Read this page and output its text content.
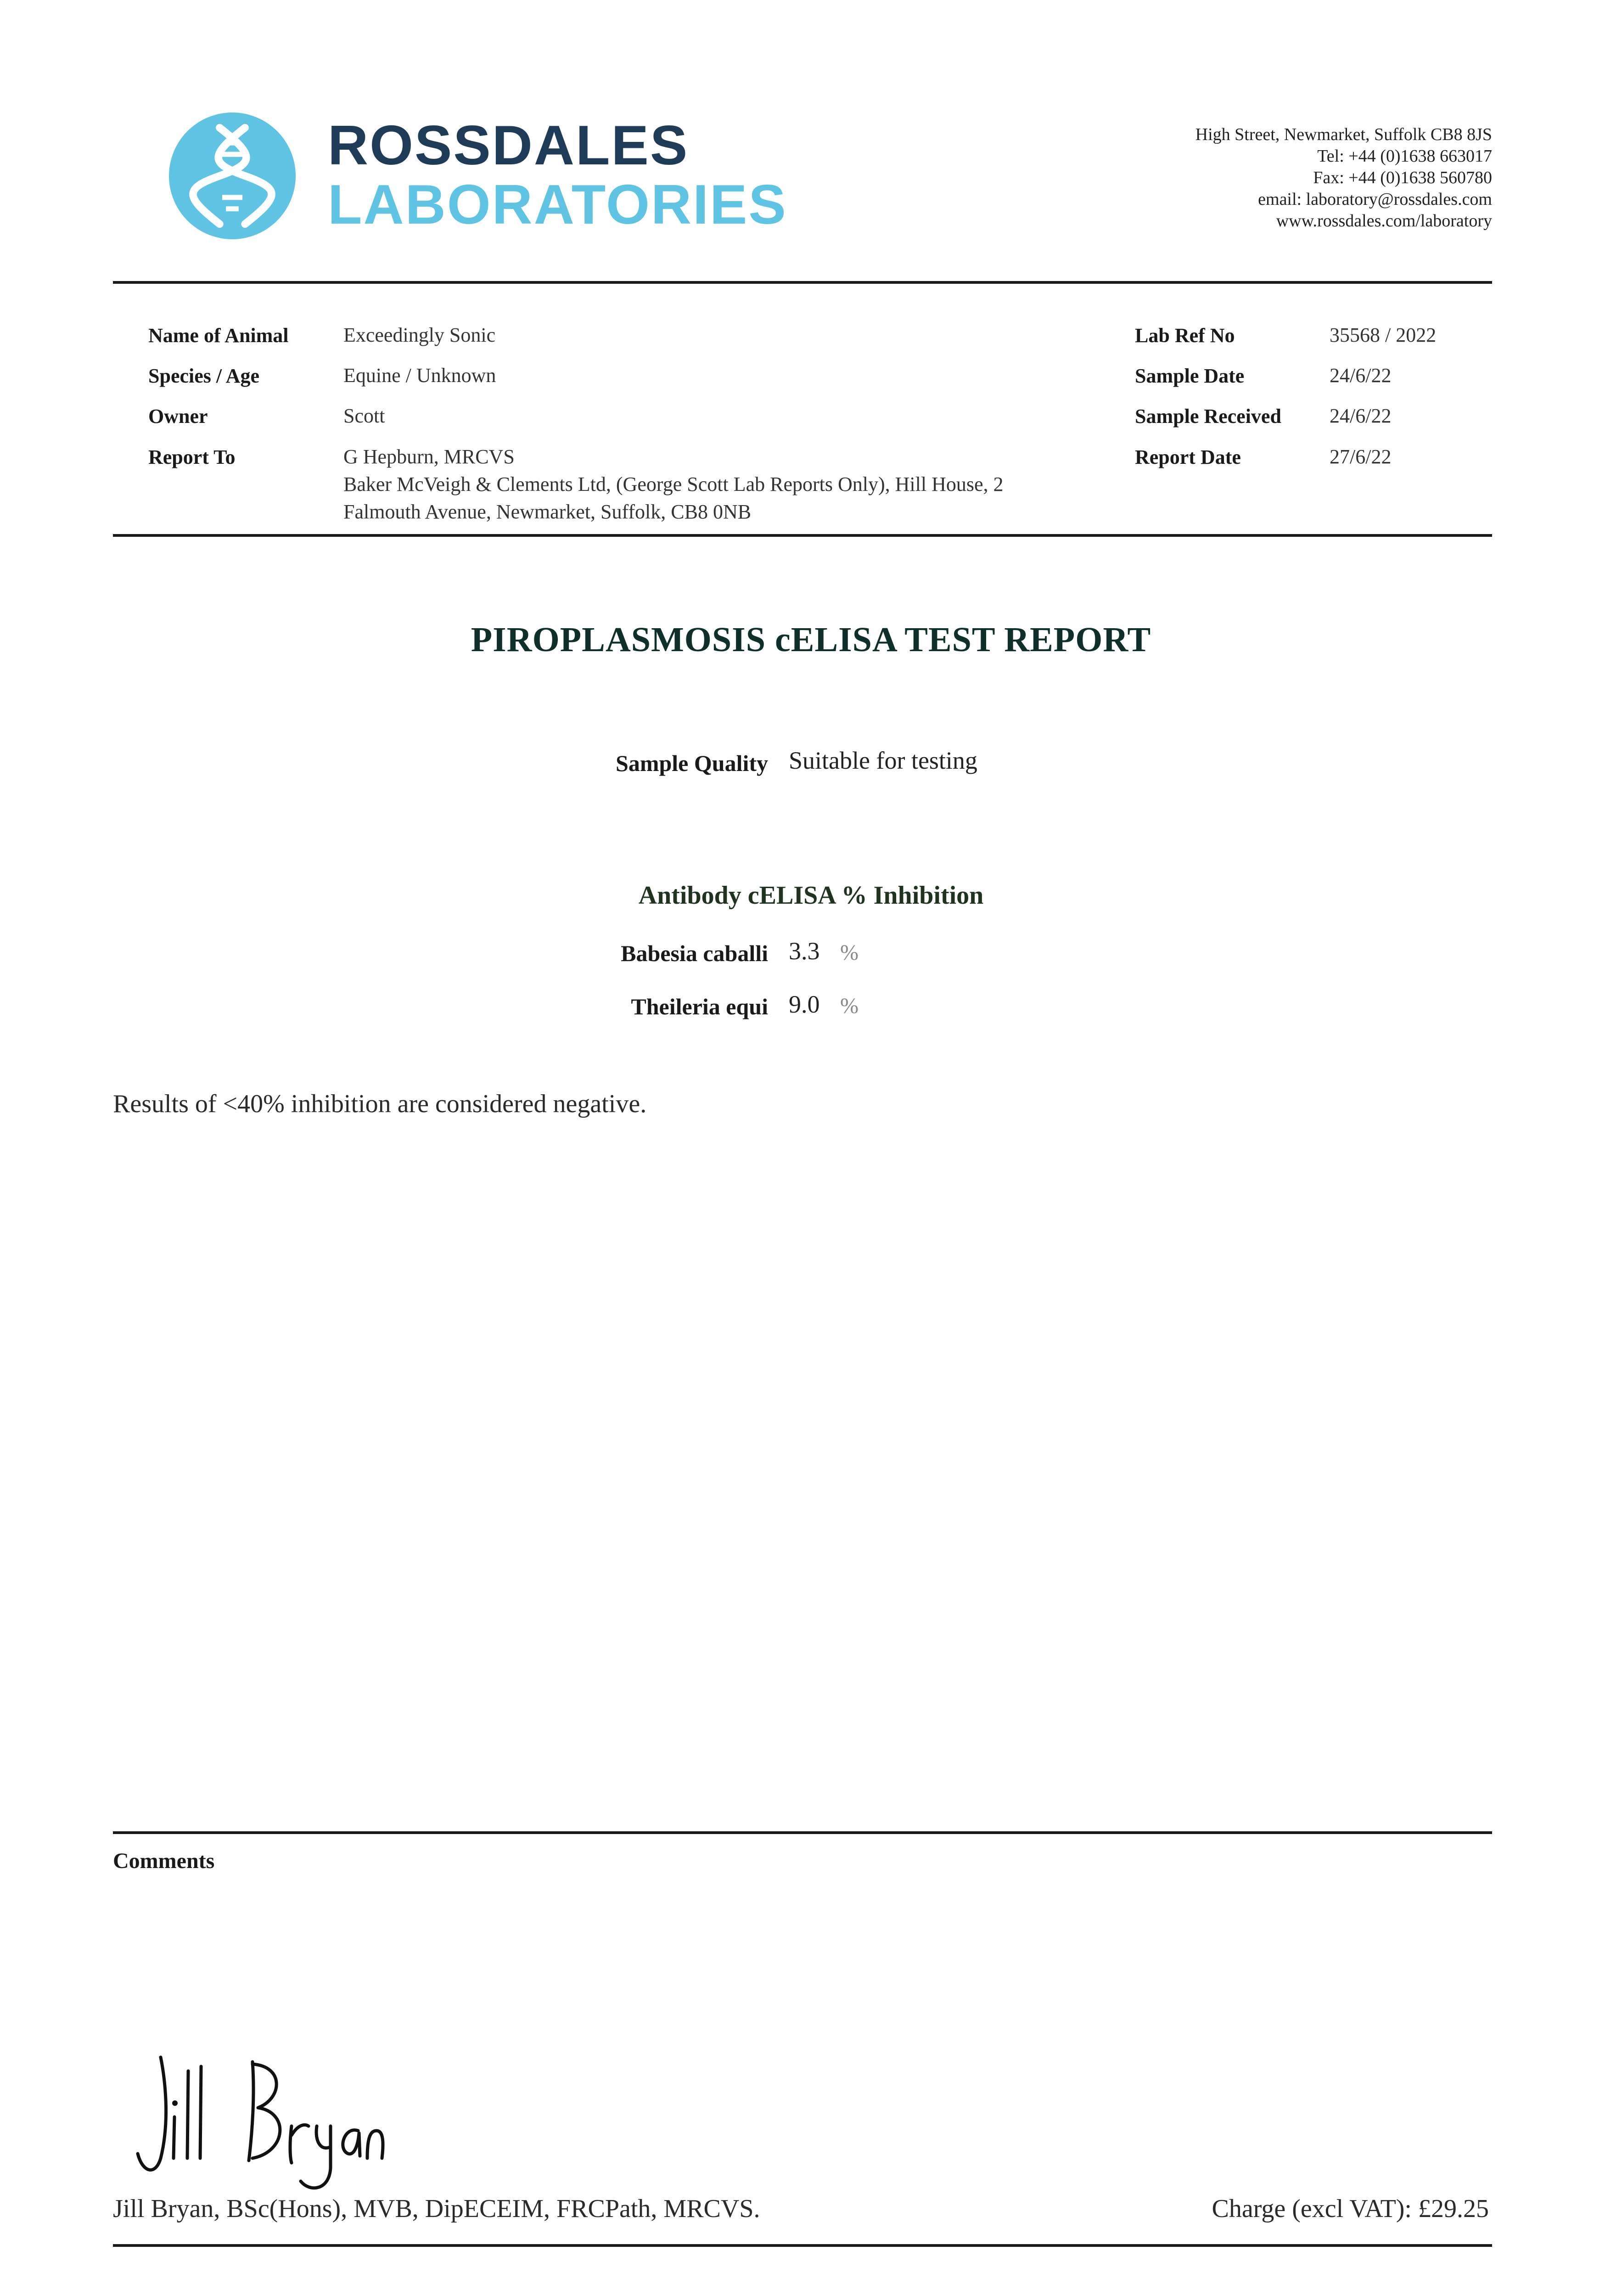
ROSSDALES
LABORATORIES
High Street, Newmarket, Suffolk CB8 8JS
Tel: +44 (0)1638 663017
Fax: +44 (0)1638 560780
email: laboratory@rossdales.com
www.rossdales.com/laboratory
Name of Animal	Exceedingly Sonic
Species / Age	Equine / Unknown
Owner	Scott
Report To	G Hepburn, MRCVS
Baker McVeigh & Clements Ltd, (George Scott Lab Reports Only), Hill House, 2
Falmouth Avenue, Newmarket, Suffolk, CB8 0NB
Lab Ref No	35568 / 2022
Sample Date	24/6/22
Sample Received 24/6/22
Report Date	27/6/22
PIROPLASMOSIS cELISA TEST REPORT
Sample Quality Suitable for testing
Antibody cELISA % Inhibition
Babesia caballi 3.3 %
Theileria equi 9.0 %
Results of <40% inhibition are considered negative.
Comments
Jill Bryan, BSc(Hons), MVB, DipECEIM, FRCPath, MRCVS.	Charge (excl VAT): £29.25
